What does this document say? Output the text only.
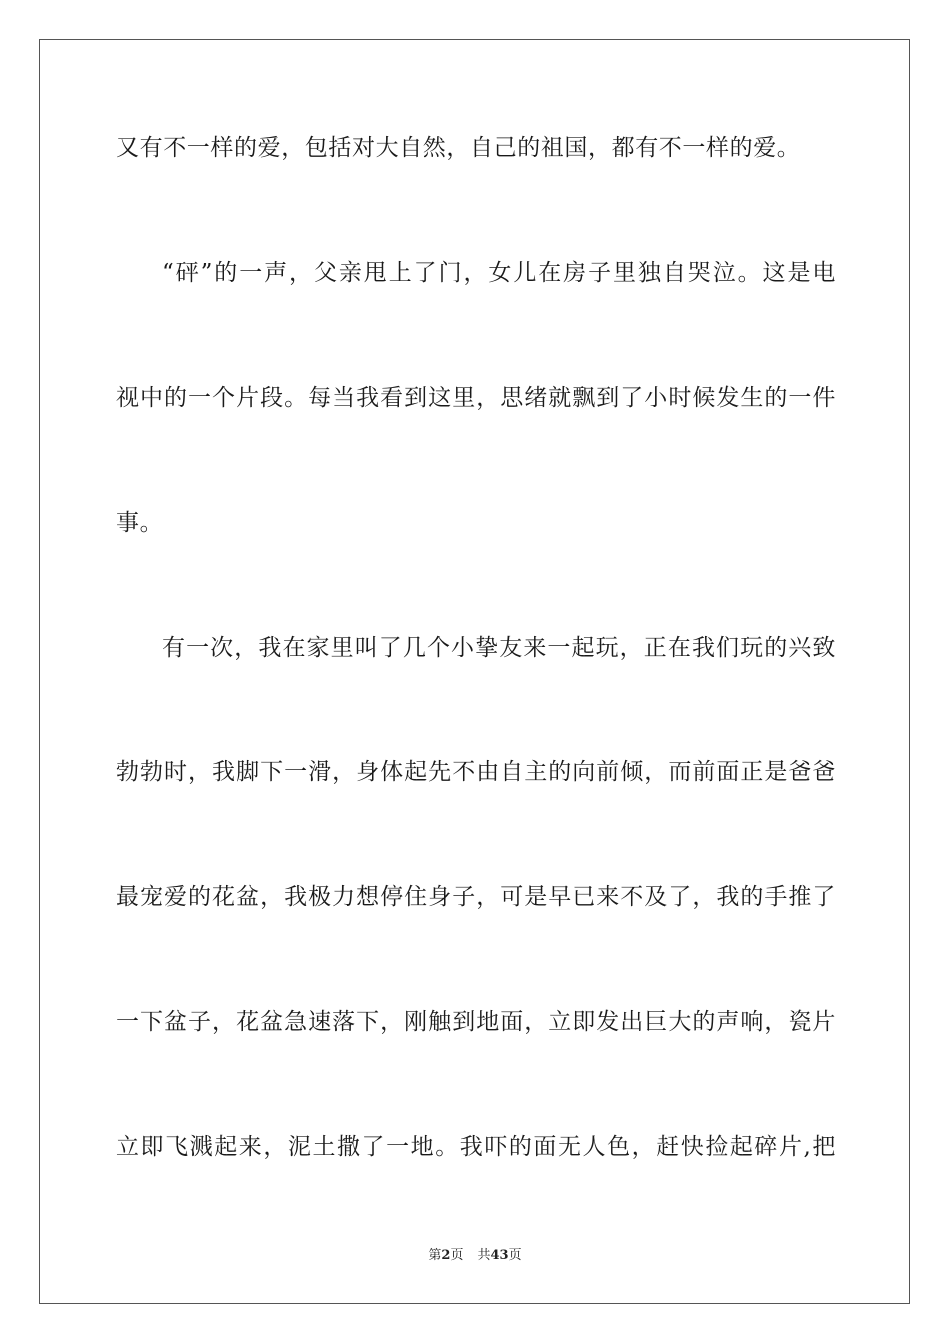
又有不一样的爱，包括对大自然，自己的祖国，都有不一样的爱。
“砰”的一声，父亲甩上了门，女儿在房子里独自哭泣。这是电
视中的一个片段。每当我看到这里，思绪就飘到了小时候发生的一件
事。
有一次，我在家里叫了几个小挚友来一起玩，正在我们玩的兴致
勃勃时，我脚下一滑，身体起先不由自主的向前倾，而前面正是爸爸
最宠爱的花盆，我极力想停住身子，可是早已来不及了，我的手推了
一下盆子，花盆急速落下，刚触到地面，立即发出巨大的声响，瓷片
立即飞溅起来，泥土撒了一地。我吓的面无人色，赶快捡起碎片,把
第2页 共43页
